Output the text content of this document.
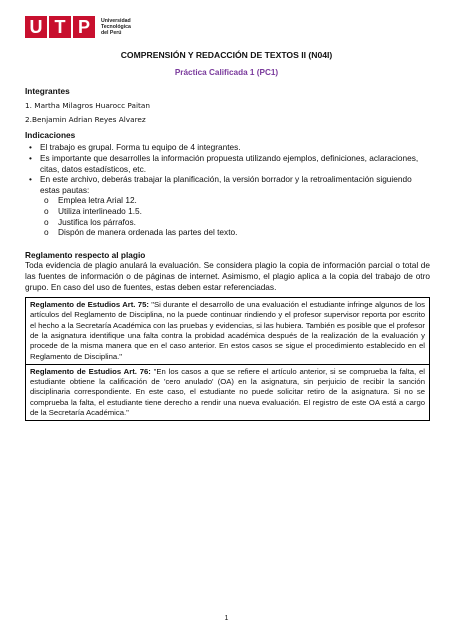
U T P	Universidad
Tecnológica
del Perú
COMPRENSIÓN Y REDACCIÓN DE TEXTOS II (N04I)
Práctica Calificada 1 (PC1)

Integrantes

1. Martha Milagros Huarocc Paitan

2.Benjamin Adrian Reyes Alvarez

Indicaciones

• El trabajo es grupal. Forma tu equipo de 4 integrantes.
• Es importante que desarrolles la información propuesta utilizando ejemplos, definiciones, aclaraciones, citas, datos estadísticos, etc.
• En este archivo, deberás trabajar la planificación, la versión borrador y la retroalimentación siguiendo estas pautas:
o Emplea letra Arial 12.
o Utiliza interlineado 1.5.
o Justifica los párrafos.
o Dispón de manera ordenada las partes del texto.

Reglamento respecto al plagio

Toda evidencia de plagio anulará la evaluación. Se considera plagio la copia de información parcial o total de las fuentes de información o de páginas de internet. Asimismo, el plagio aplica a la copia del trabajo de otro grupo. En caso del uso de fuentes, estas deben estar referenciadas.

Reglamento de Estudios Art. 75: "Si durante el desarrollo de una evaluación el estudiante infringe algunos de los artículos del Reglamento de Disciplina, no la puede continuar rindiendo y el profesor supervisor reporta por escrito el hecho a la Secretaría Académica con las pruebas y evidencias, si las hubiera. También es posible que el profesor de la asignatura identifique una falta contra la probidad académica después de la realización de la evaluación y procede de la misma manera que en el caso anterior. En estos casos se sigue el procedimiento establecido en el Reglamento de Disciplina."
Reglamento de Estudios Art. 76: "En los casos a que se refiere el artículo anterior, si se comprueba la falta, el estudiante obtiene la calificación de 'cero anulado' (OA) en la asignatura, sin perjuicio de recibir la sanción disciplinaria correspondiente. En este caso, el estudiante no puede solicitar retiro de la asignatura. Si no se comprueba la falta, el estudiante tiene derecho a rendir una nueva evaluación. El registro de este OA está a cargo de la Secretaría Académica."
1
